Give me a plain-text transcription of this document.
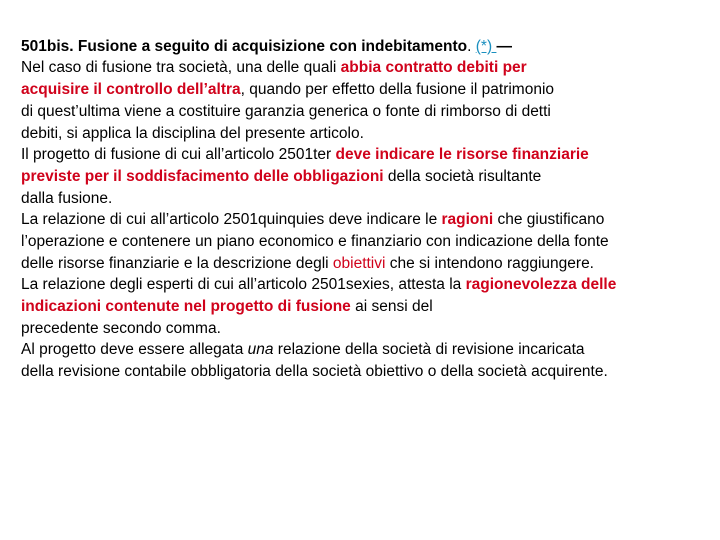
501bis. Fusione a seguito di acquisizione con indebitamento. (*) —
Nel caso di fusione tra società, una delle quali abbia contratto debiti per
acquisire il controllo dell’altra, quando per effetto della fusione il patrimonio
di quest’ultima viene a costituire garanzia generica o fonte di rimborso di detti
debiti, si applica la disciplina del presente articolo.
Il progetto di fusione di cui all’articolo 2501ter deve indicare le risorse finanziarie
previste per il soddisfacimento delle obbligazioni della società risultante
dalla fusione.
La relazione di cui all’articolo 2501quinquies deve indicare le ragioni che giustificano
l’operazione e contenere un piano economico e finanziario con indicazione della fonte
delle risorse finanziarie e la descrizione degli obiettivi che si intendono raggiungere.
La relazione degli esperti di cui all’articolo 2501sexies, attesta la ragionevolezza delle
indicazioni contenute nel progetto di fusione ai sensi del
precedente secondo comma.
Al progetto deve essere allegata una relazione della società di revisione incaricata
della revisione contabile obbligatoria della società obiettivo o della società acquirente.
